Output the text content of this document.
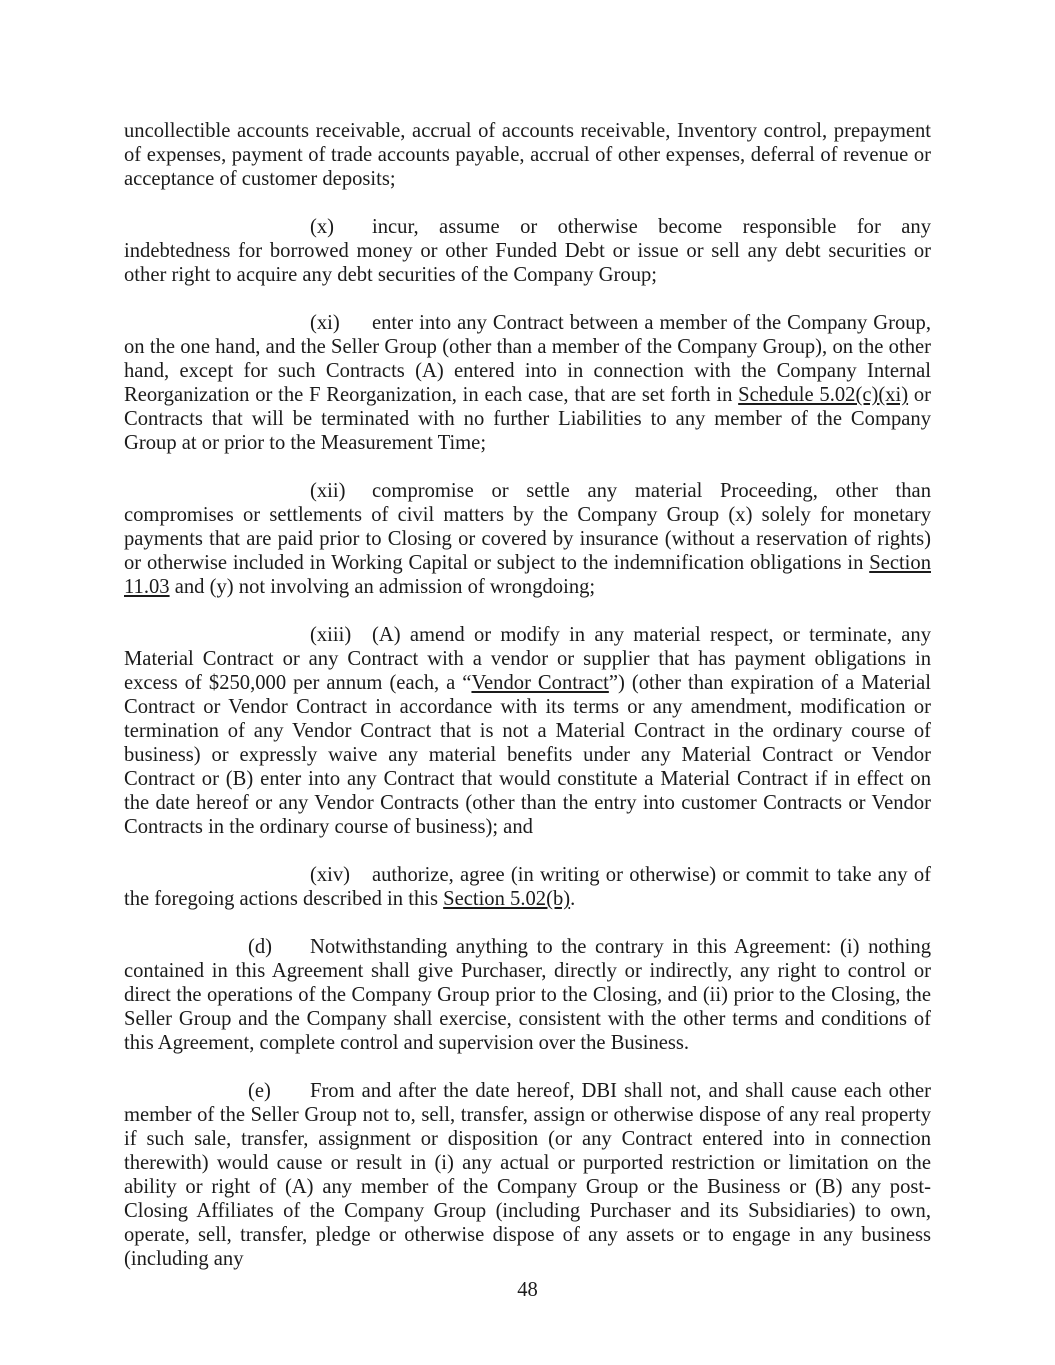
uncollectible accounts receivable, accrual of accounts receivable, Inventory control, prepayment of expenses, payment of trade accounts payable, accrual of other expenses, deferral of revenue or acceptance of customer deposits;

(x) incur, assume or otherwise become responsible for any indebtedness for borrowed money or other Funded Debt or issue or sell any debt securities or other right to acquire any debt securities of the Company Group;

(xi) enter into any Contract between a member of the Company Group, on the one hand, and the Seller Group (other than a member of the Company Group), on the other hand, except for such Contracts (A) entered into in connection with the Company Internal Reorganization or the F Reorganization, in each case, that are set forth in Schedule 5.02(c)(xi) or Contracts that will be terminated with no further Liabilities to any member of the Company Group at or prior to the Measurement Time;

(xii) compromise or settle any material Proceeding, other than compromises or settlements of civil matters by the Company Group (x) solely for monetary payments that are paid prior to Closing or covered by insurance (without a reservation of rights) or otherwise included in Working Capital or subject to the indemnification obligations in Section 11.03 and (y) not involving an admission of wrongdoing;

(xiii) (A) amend or modify in any material respect, or terminate, any Material Contract or any Contract with a vendor or supplier that has payment obligations in excess of $250,000 per annum (each, a “Vendor Contract”) (other than expiration of a Material Contract or Vendor Contract in accordance with its terms or any amendment, modification or termination of any Vendor Contract that is not a Material Contract in the ordinary course of business) or expressly waive any material benefits under any Material Contract or Vendor Contract or (B) enter into any Contract that would constitute a Material Contract if in effect on the date hereof or any Vendor Contracts (other than the entry into customer Contracts or Vendor Contracts in the ordinary course of business); and

(xiv) authorize, agree (in writing or otherwise) or commit to take any of the foregoing actions described in this Section 5.02(b).

(d) Notwithstanding anything to the contrary in this Agreement: (i) nothing contained in this Agreement shall give Purchaser, directly or indirectly, any right to control or direct the operations of the Company Group prior to the Closing, and (ii) prior to the Closing, the Seller Group and the Company shall exercise, consistent with the other terms and conditions of this Agreement, complete control and supervision over the Business.

(e) From and after the date hereof, DBI shall not, and shall cause each other member of the Seller Group not to, sell, transfer, assign or otherwise dispose of any real property if such sale, transfer, assignment or disposition (or any Contract entered into in connection therewith) would cause or result in (i) any actual or purported restriction or limitation on the ability or right of (A) any member of the Company Group or the Business or (B) any post-Closing Affiliates of the Company Group (including Purchaser and its Subsidiaries) to own, operate, sell, transfer, pledge or otherwise dispose of any assets or to engage in any business (including any

48
